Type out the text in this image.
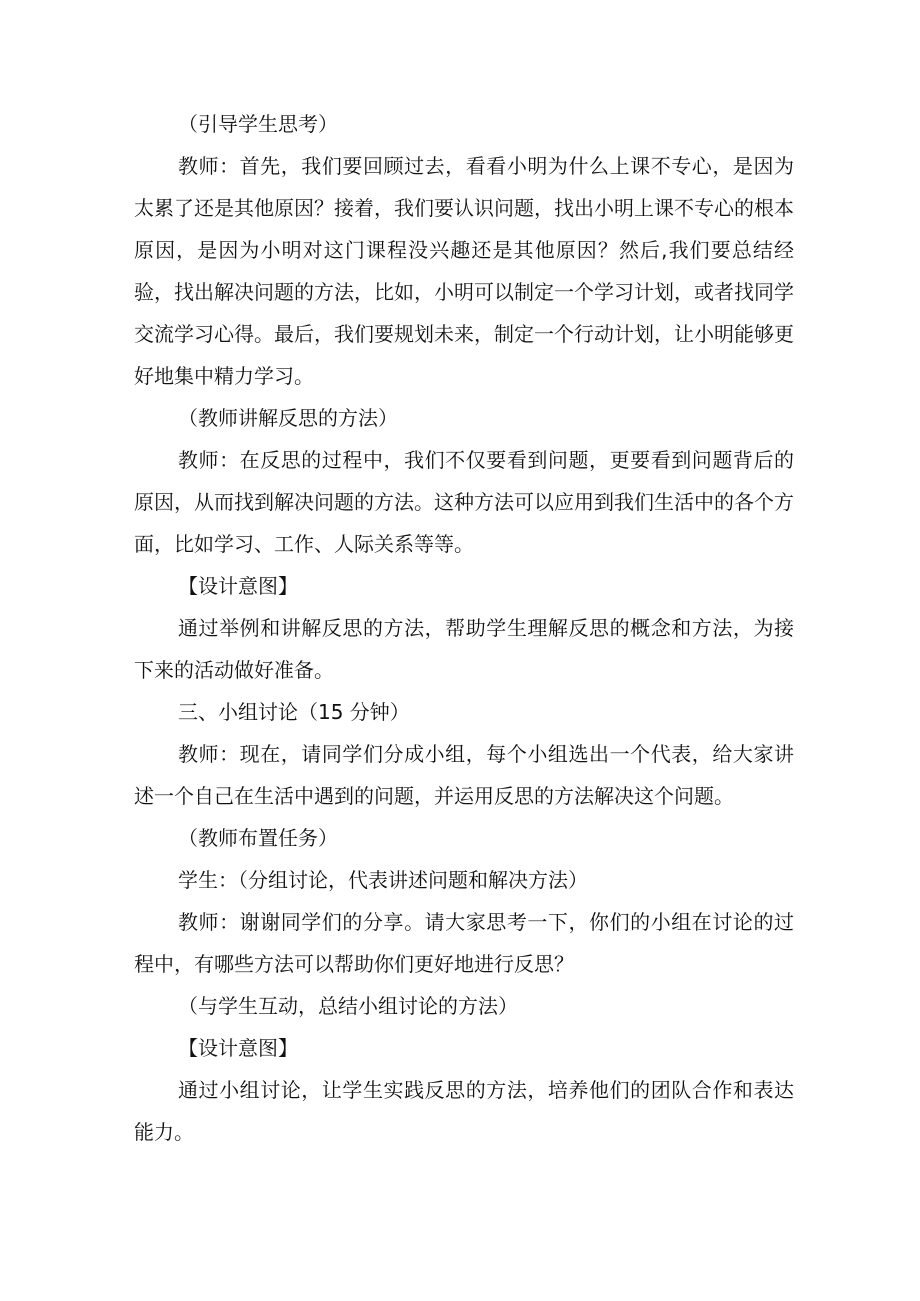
（引导学生思考）

教师：首先，我们要回顾过去，看看小明为什么上课不专心，是因为太累了还是其他原因？接着，我们要认识问题，找出小明上课不专心的根本原因，是因为小明对这门课程没兴趣还是其他原因？然后,我们要总结经验，找出解决问题的方法，比如，小明可以制定一个学习计划，或者找同学交流学习心得。最后，我们要规划未来，制定一个行动计划，让小明能够更好地集中精力学习。

（教师讲解反思的方法）

教师：在反思的过程中，我们不仅要看到问题，更要看到问题背后的原因，从而找到解决问题的方法。这种方法可以应用到我们生活中的各个方面，比如学习、工作、人际关系等等。

【设计意图】

通过举例和讲解反思的方法，帮助学生理解反思的概念和方法，为接下来的活动做好准备。

三、小组讨论（15 分钟）

教师：现在，请同学们分成小组，每个小组选出一个代表，给大家讲述一个自己在生活中遇到的问题，并运用反思的方法解决这个问题。

（教师布置任务）

学生：（分组讨论，代表讲述问题和解决方法）

教师：谢谢同学们的分享。请大家思考一下，你们的小组在讨论的过程中，有哪些方法可以帮助你们更好地进行反思？

（与学生互动，总结小组讨论的方法）

【设计意图】

通过小组讨论，让学生实践反思的方法，培养他们的团队合作和表达能力。
